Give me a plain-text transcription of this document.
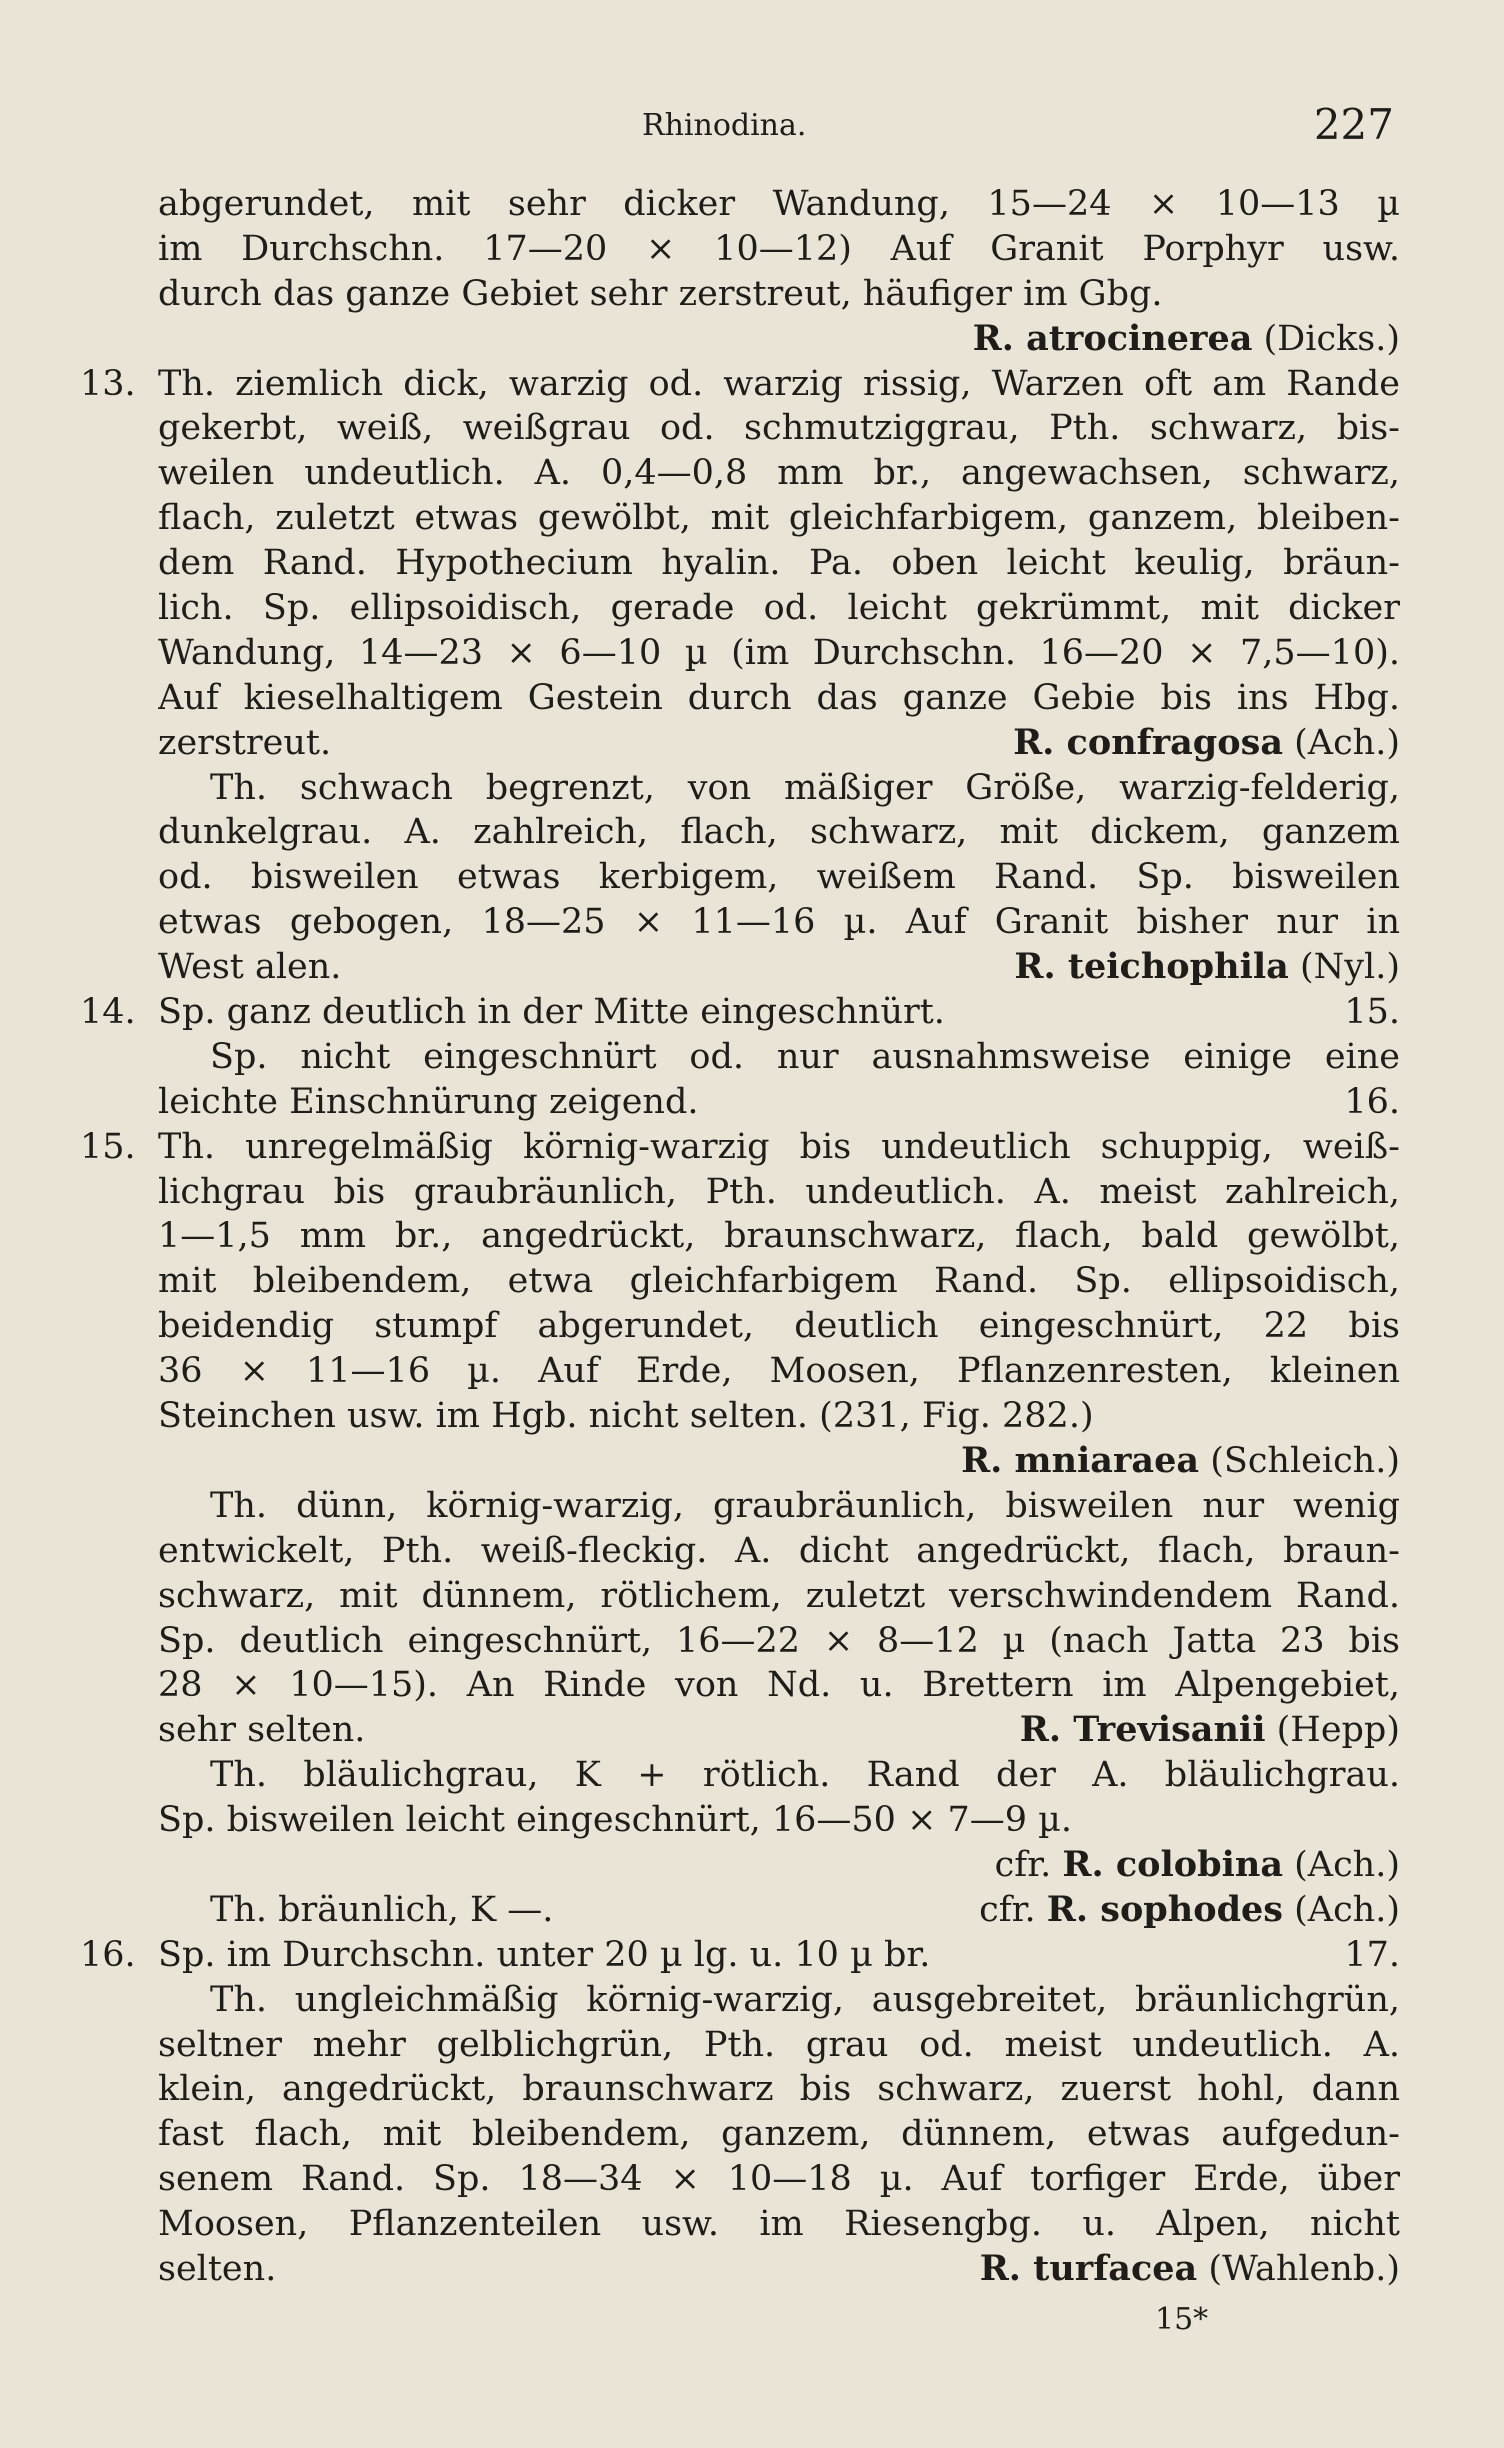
Rhinodina.	227
abgerundet, mit sehr dicker Wandung, 15—24 × 10—13 µ
im Durchschn. 17—20 × 10—12) Auf Granit Porphyr usw.
durch das ganze Gebiet sehr zerstreut, häufiger im Gbg.
R. atrocinerea (Dicks.)
13. Th. ziemlich dick, warzig od. warzig rissig, Warzen oft am Rande
gekerbt, weiß, weißgrau od. schmutziggrau, Pth. schwarz, bis-
weilen undeutlich. A. 0,4—0,8 mm br., angewachsen, schwarz,
flach, zuletzt etwas gewölbt, mit gleichfarbigem, ganzem, bleiben-
dem Rand. Hypothecium hyalin. Pa. oben leicht keulig, bräun-
lich. Sp. ellipsoidisch, gerade od. leicht gekrümmt, mit dicker
Wandung, 14—23 × 6—10 µ (im Durchschn. 16—20 × 7,5—10).
Auf kieselhaltigem Gestein durch das ganze Gebie bis ins Hbg.
zerstreut.	R. confragosa (Ach.)
Th. schwach begrenzt, von mäßiger Größe, warzig-felderig,
dunkelgrau. A. zahlreich, flach, schwarz, mit dickem, ganzem
od. bisweilen etwas kerbigem, weißem Rand. Sp. bisweilen
etwas gebogen, 18—25 × 11—16 µ. Auf Granit bisher nur in
West alen.	R. teichophila (Nyl.)
14. Sp. ganz deutlich in der Mitte eingeschnürt.	15.
Sp. nicht eingeschnürt od. nur ausnahmsweise einige eine
leichte Einschnürung zeigend.	16.
15. Th. unregelmäßig körnig-warzig bis undeutlich schuppig, weiß-
lichgrau bis graubräunlich, Pth. undeutlich. A. meist zahlreich,
1—1,5 mm br., angedrückt, braunschwarz, flach, bald gewölbt,
mit bleibendem, etwa gleichfarbigem Rand. Sp. ellipsoidisch,
beidendig stumpf abgerundet, deutlich eingeschnürt, 22 bis
36 × 11—16 µ. Auf Erde, Moosen, Pflanzenresten, kleinen
Steinchen usw. im Hgb. nicht selten. (231, Fig. 282.)
R. mniaraea (Schleich.)
Th. dünn, körnig-warzig, graubräunlich, bisweilen nur wenig
entwickelt, Pth. weiß-fleckig. A. dicht angedrückt, flach, braun-
schwarz, mit dünnem, rötlichem, zuletzt verschwindendem Rand.
Sp. deutlich eingeschnürt, 16—22 × 8—12 µ (nach Jatta 23 bis
28 × 10—15). An Rinde von Nd. u. Brettern im Alpengebiet,
sehr selten.	R. Trevisanii (Hepp)
Th. bläulichgrau, K + rötlich. Rand der A. bläulichgrau.
Sp. bisweilen leicht eingeschnürt, 16—50 × 7—9 µ.
cfr. R. colobina (Ach.)
Th. bräunlich, K —.	cfr. R. sophodes (Ach.)
16. Sp. im Durchschn. unter 20 µ lg. u. 10 µ br.	17.
Th. ungleichmäßig körnig-warzig, ausgebreitet, bräunlichgrün,
seltner mehr gelblichgrün, Pth. grau od. meist undeutlich. A.
klein, angedrückt, braunschwarz bis schwarz, zuerst hohl, dann
fast flach, mit bleibendem, ganzem, dünnem, etwas aufgedun-
senem Rand. Sp. 18—34 × 10—18 µ. Auf torfiger Erde, über
Moosen, Pflanzenteilen usw. im Riesengbg. u. Alpen, nicht
selten.	R. turfacea (Wahlenb.)
15*
